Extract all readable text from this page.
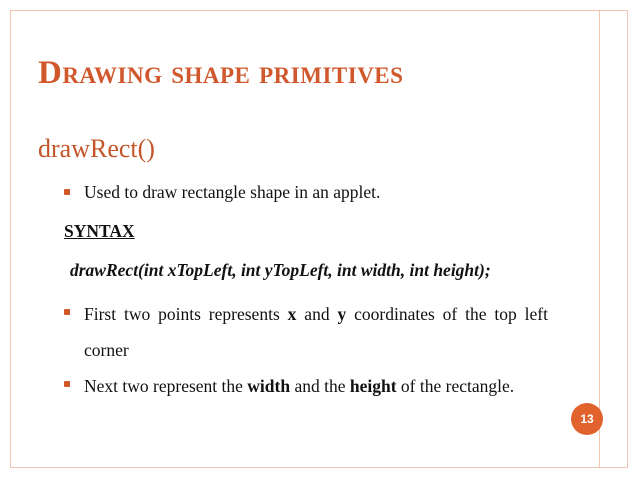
Drawing shape primitives
drawRect()
Used to draw rectangle shape in an applet.
SYNTAX
drawRect(int xTopLeft, int yTopLeft, int width, int height);
First two points represents x and y coordinates of the top left corner
Next two represent the width and the height of the rectangle.
13
